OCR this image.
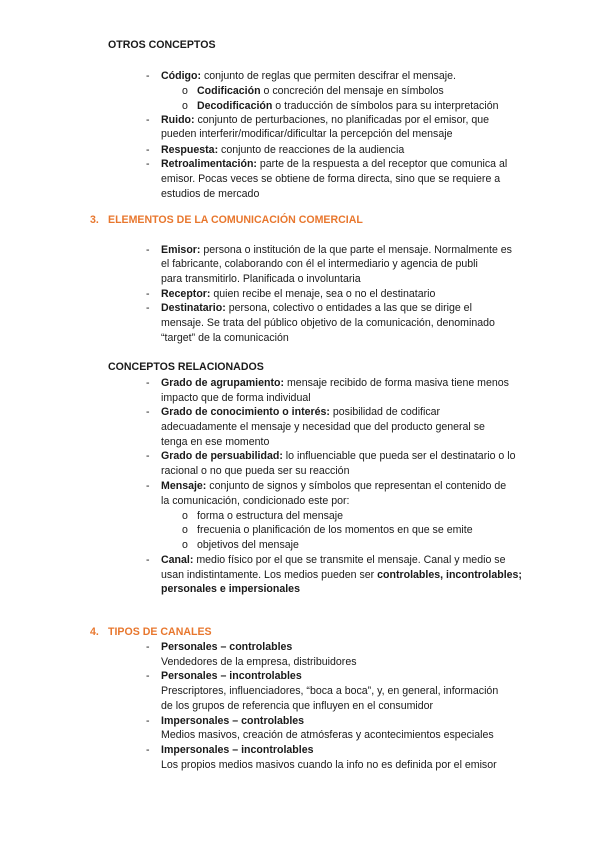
OTROS CONCEPTOS
- Código: conjunto de reglas que permiten descifrar el mensaje.
o Codificación o concreción del mensaje en símbolos
o Decodificación o traducción de símbolos para su interpretación
- Ruido: conjunto de perturbaciones, no planificadas por el emisor, que
pueden interferir/modificar/dificultar la percepción del mensaje
- Respuesta: conjunto de reacciones de la audiencia
- Retroalimentación: parte de la respuesta a del receptor que comunica al
emisor. Pocas veces se obtiene de forma directa, sino que se requiere a
estudios de mercado
3. ELEMENTOS DE LA COMUNICACIÓN COMERCIAL
- Emisor: persona o institución de la que parte el mensaje. Normalmente es
el fabricante, colaborando con él el intermediario y agencia de publi
para transmitirlo. Planificada o involuntaria
- Receptor: quien recibe el menaje, sea o no el destinatario
- Destinatario: persona, colectivo o entidades a las que se dirige el
mensaje. Se trata del público objetivo de la comunicación, denominado
“target” de la comunicación
CONCEPTOS RELACIONADOS
- Grado de agrupamiento: mensaje recibido de forma masiva tiene menos
impacto que de forma individual
- Grado de conocimiento o interés: posibilidad de codificar
adecuadamente el mensaje y necesidad que del producto general se
tenga en ese momento
- Grado de persuabilidad: lo influenciable que pueda ser el destinatario o lo
racional o no que pueda ser su reacción
- Mensaje: conjunto de signos y símbolos que representan el contenido de
la comunicación, condicionado este por:
o forma o estructura del mensaje
o frecuenia o planificación de los momentos en que se emite
o objetivos del mensaje
- Canal: medio físico por el que se transmite el mensaje. Canal y medio se
usan indistintamente. Los medios pueden ser controlables, incontrolables;
personales e impersionales
4. TIPOS DE CANALES
- Personales – controlables
Vendedores de la empresa, distribuidores
- Personales – incontrolables
Prescriptores, influenciadores, “boca a boca”, y, en general, información
de los grupos de referencia que influyen en el consumidor
- Impersonales – controlables
Medios masivos, creación de atmósferas y acontecimientos especiales
- Impersonales – incontrolables
Los propios medios masivos cuando la info no es definida por el emisor
